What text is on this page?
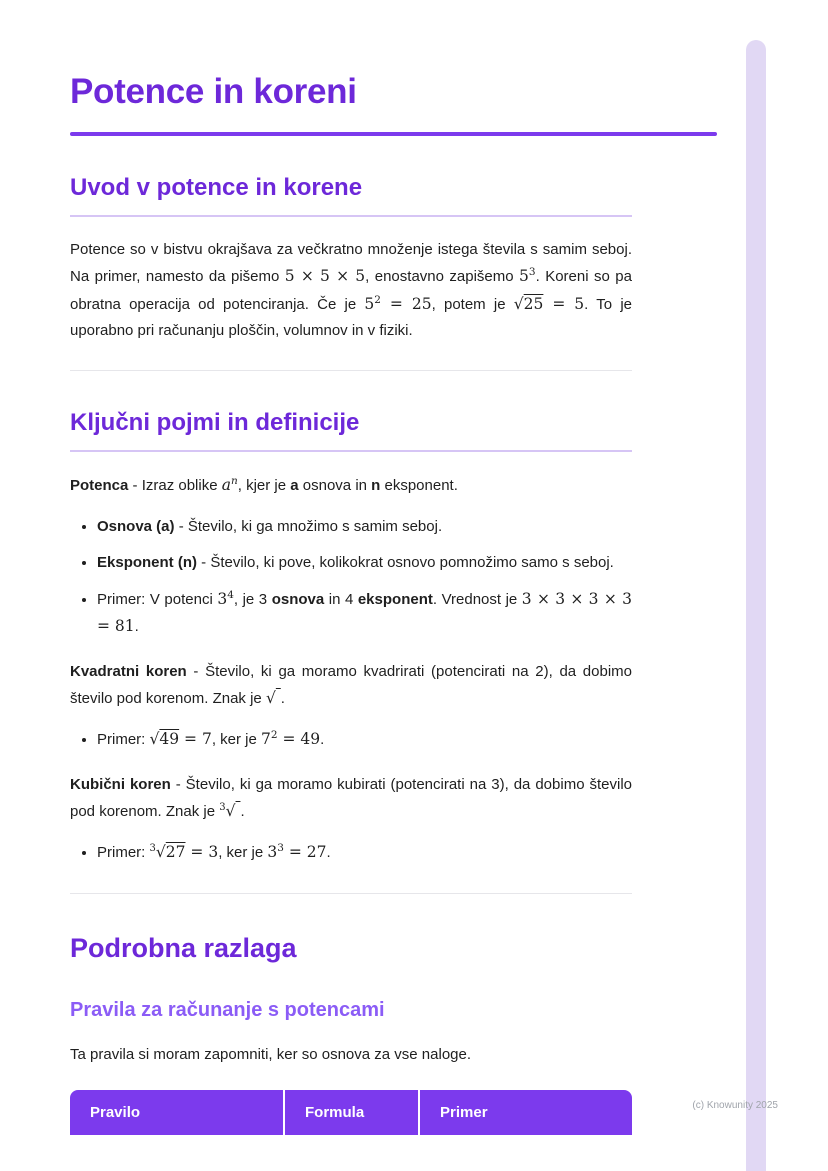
(c) Knowunity 2025
Potence in koreni
Uvod v potence in korene

Potence so v bistvu okrajšava za večkratno množenje istega števila s samim seboj. Na primer, namesto da pišemo 5 × 5 × 5, enostavno zapišemo $5^3$. Koreni so pa obratna operacija od potenciranja. Če je $5^2 = 25$, potem je √25 = 5. To je uporabno pri računanju ploščin, volumnov in v fiziki.

Ključni pojmi in definicije

Potenca - Izraz oblike $a^n$, kjer je a osnova in n eksponent.

• Osnova (a) - Število, ki ga množimo s samim seboj.
• Eksponent (n) - Število, ki pove, kolikokrat osnovo pomnožimo samo s seboj.
• Primer: V potenci $3^4$, je 3 osnova in 4 eksponent. Vrednost je 3 × 3 × 3 × 3 = 81.

Kvadratni koren - Število, ki ga moramo kvadrirati (potencirati na 2), da dobimo število pod korenom. Znak je √ .

• Primer: √49 = 7, ker je $7^2 = 49$.

Kubični koren - Število, ki ga moramo kubirati (potencirati na 3), da dobimo število pod korenom. Znak je $^3$√ .

• Primer: $^3$√27 = 3, ker je $3^3 = 27$.
Podrobna razlaga
Pravila za računanje s potencami

Ta pravila si moram zapomniti, ker so osnova za vse naloge.

Pravilo	Formula	Primer
